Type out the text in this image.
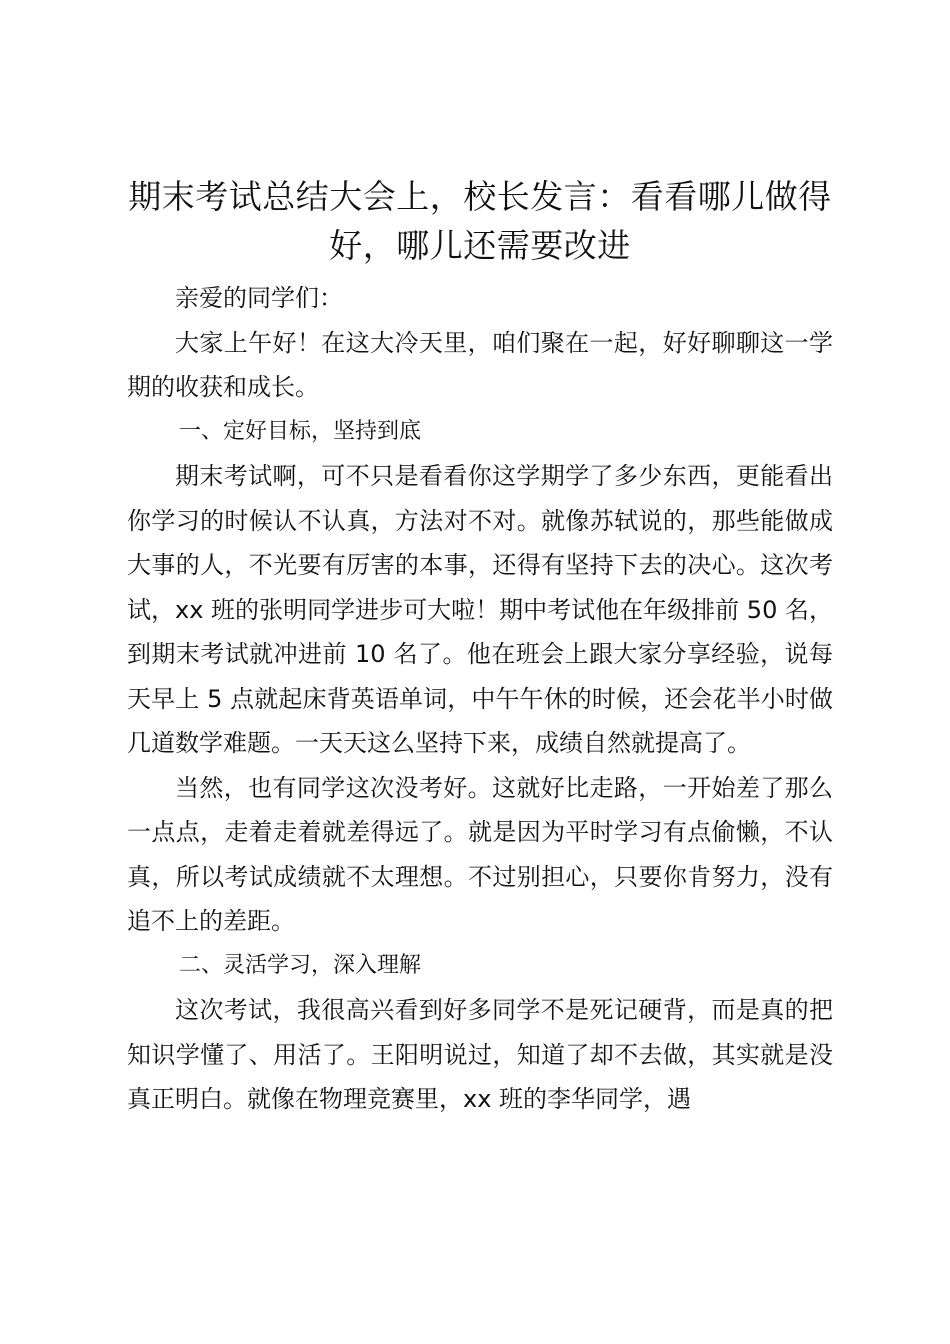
期末考试总结大会上，校长发言：看看哪儿做得好，哪儿还需要改进

亲爱的同学们：

大家上午好！在这大冷天里，咱们聚在一起，好好聊聊这一学期的收获和成长。

一、定好目标，坚持到底

期末考试啊，可不只是看看你这学期学了多少东西，更能看出你学习的时候认不认真，方法对不对。就像苏轼说的，那些能做成大事的人，不光要有厉害的本事，还得有坚持下去的决心。这次考试，xx 班的张明同学进步可大啦！期中考试他在年级排前 50 名，到期末考试就冲进前 10 名了。他在班会上跟大家分享经验，说每天早上 5 点就起床背英语单词，中午午休的时候，还会花半小时做几道数学难题。一天天这么坚持下来，成绩自然就提高了。

当然，也有同学这次没考好。这就好比走路，一开始差了那么一点点，走着走着就差得远了。就是因为平时学习有点偷懒，不认真，所以考试成绩就不太理想。不过别担心，只要你肯努力，没有追不上的差距。

二、灵活学习，深入理解

这次考试，我很高兴看到好多同学不是死记硬背，而是真的把知识学懂了、用活了。王阳明说过，知道了却不去做，其实就是没真正明白。就像在物理竞赛里，xx 班的李华同学，遇
